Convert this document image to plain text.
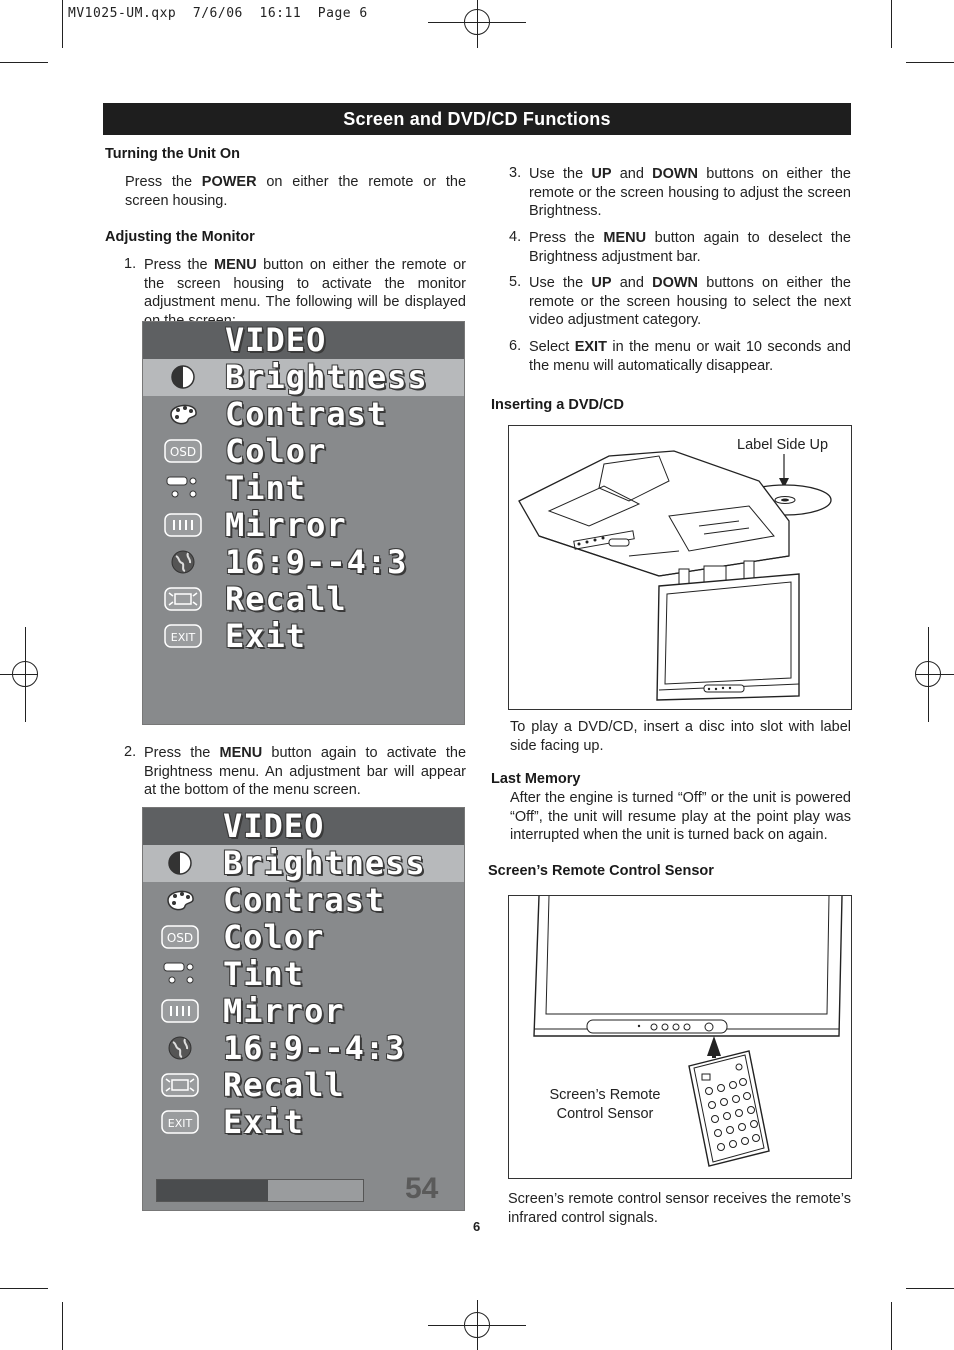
MV1025-UM.qxp  7/6/06  16:11  Page 6
Screen and DVD/CD Functions
Turning the Unit On
Press the POWER on either the remote or the screen housing.
Adjusting the Monitor
1. Press the MENU button on either the remote or the screen housing to activate the monitor adjustment menu. The following will be displayed
VIDEO
Brightness
Contrast
Color
Tint
Mirror
16:9--4:3
Recall
Exit
OSD
EXIT
2. Press the MENU button again to activate the Brightness menu. An adjustment bar will appear at the bottom of the menu screen.
VIDEO
Brightness
Contrast
Color
Tint
Mirror
16:9--4:3
Recall
Exit
OSD
EXIT
54
3. Use the UP and DOWN buttons on either the remote or the screen housing to adjust the screen Brightness.
4. Press the MENU button again to deselect the Brightness adjustment bar.
5. Use the UP and DOWN buttons on either the remote or the screen housing to select the next video adjustment category.
6. Select EXIT in the menu or wait 10 seconds and the menu will automatically disappear.
Inserting a DVD/CD
Label Side Up
To play a DVD/CD, insert a disc into slot with label side facing up.
Last Memory
After the engine is turned “Off” or the unit is powered “Off”, the unit will resume play at the point play was interrupted when the unit is turned back on again.
Screen’s Remote Control Sensor
Screen’s Remote
Control Sensor
Screen’s remote control sensor receives the remote’s infrared control signals.
6
